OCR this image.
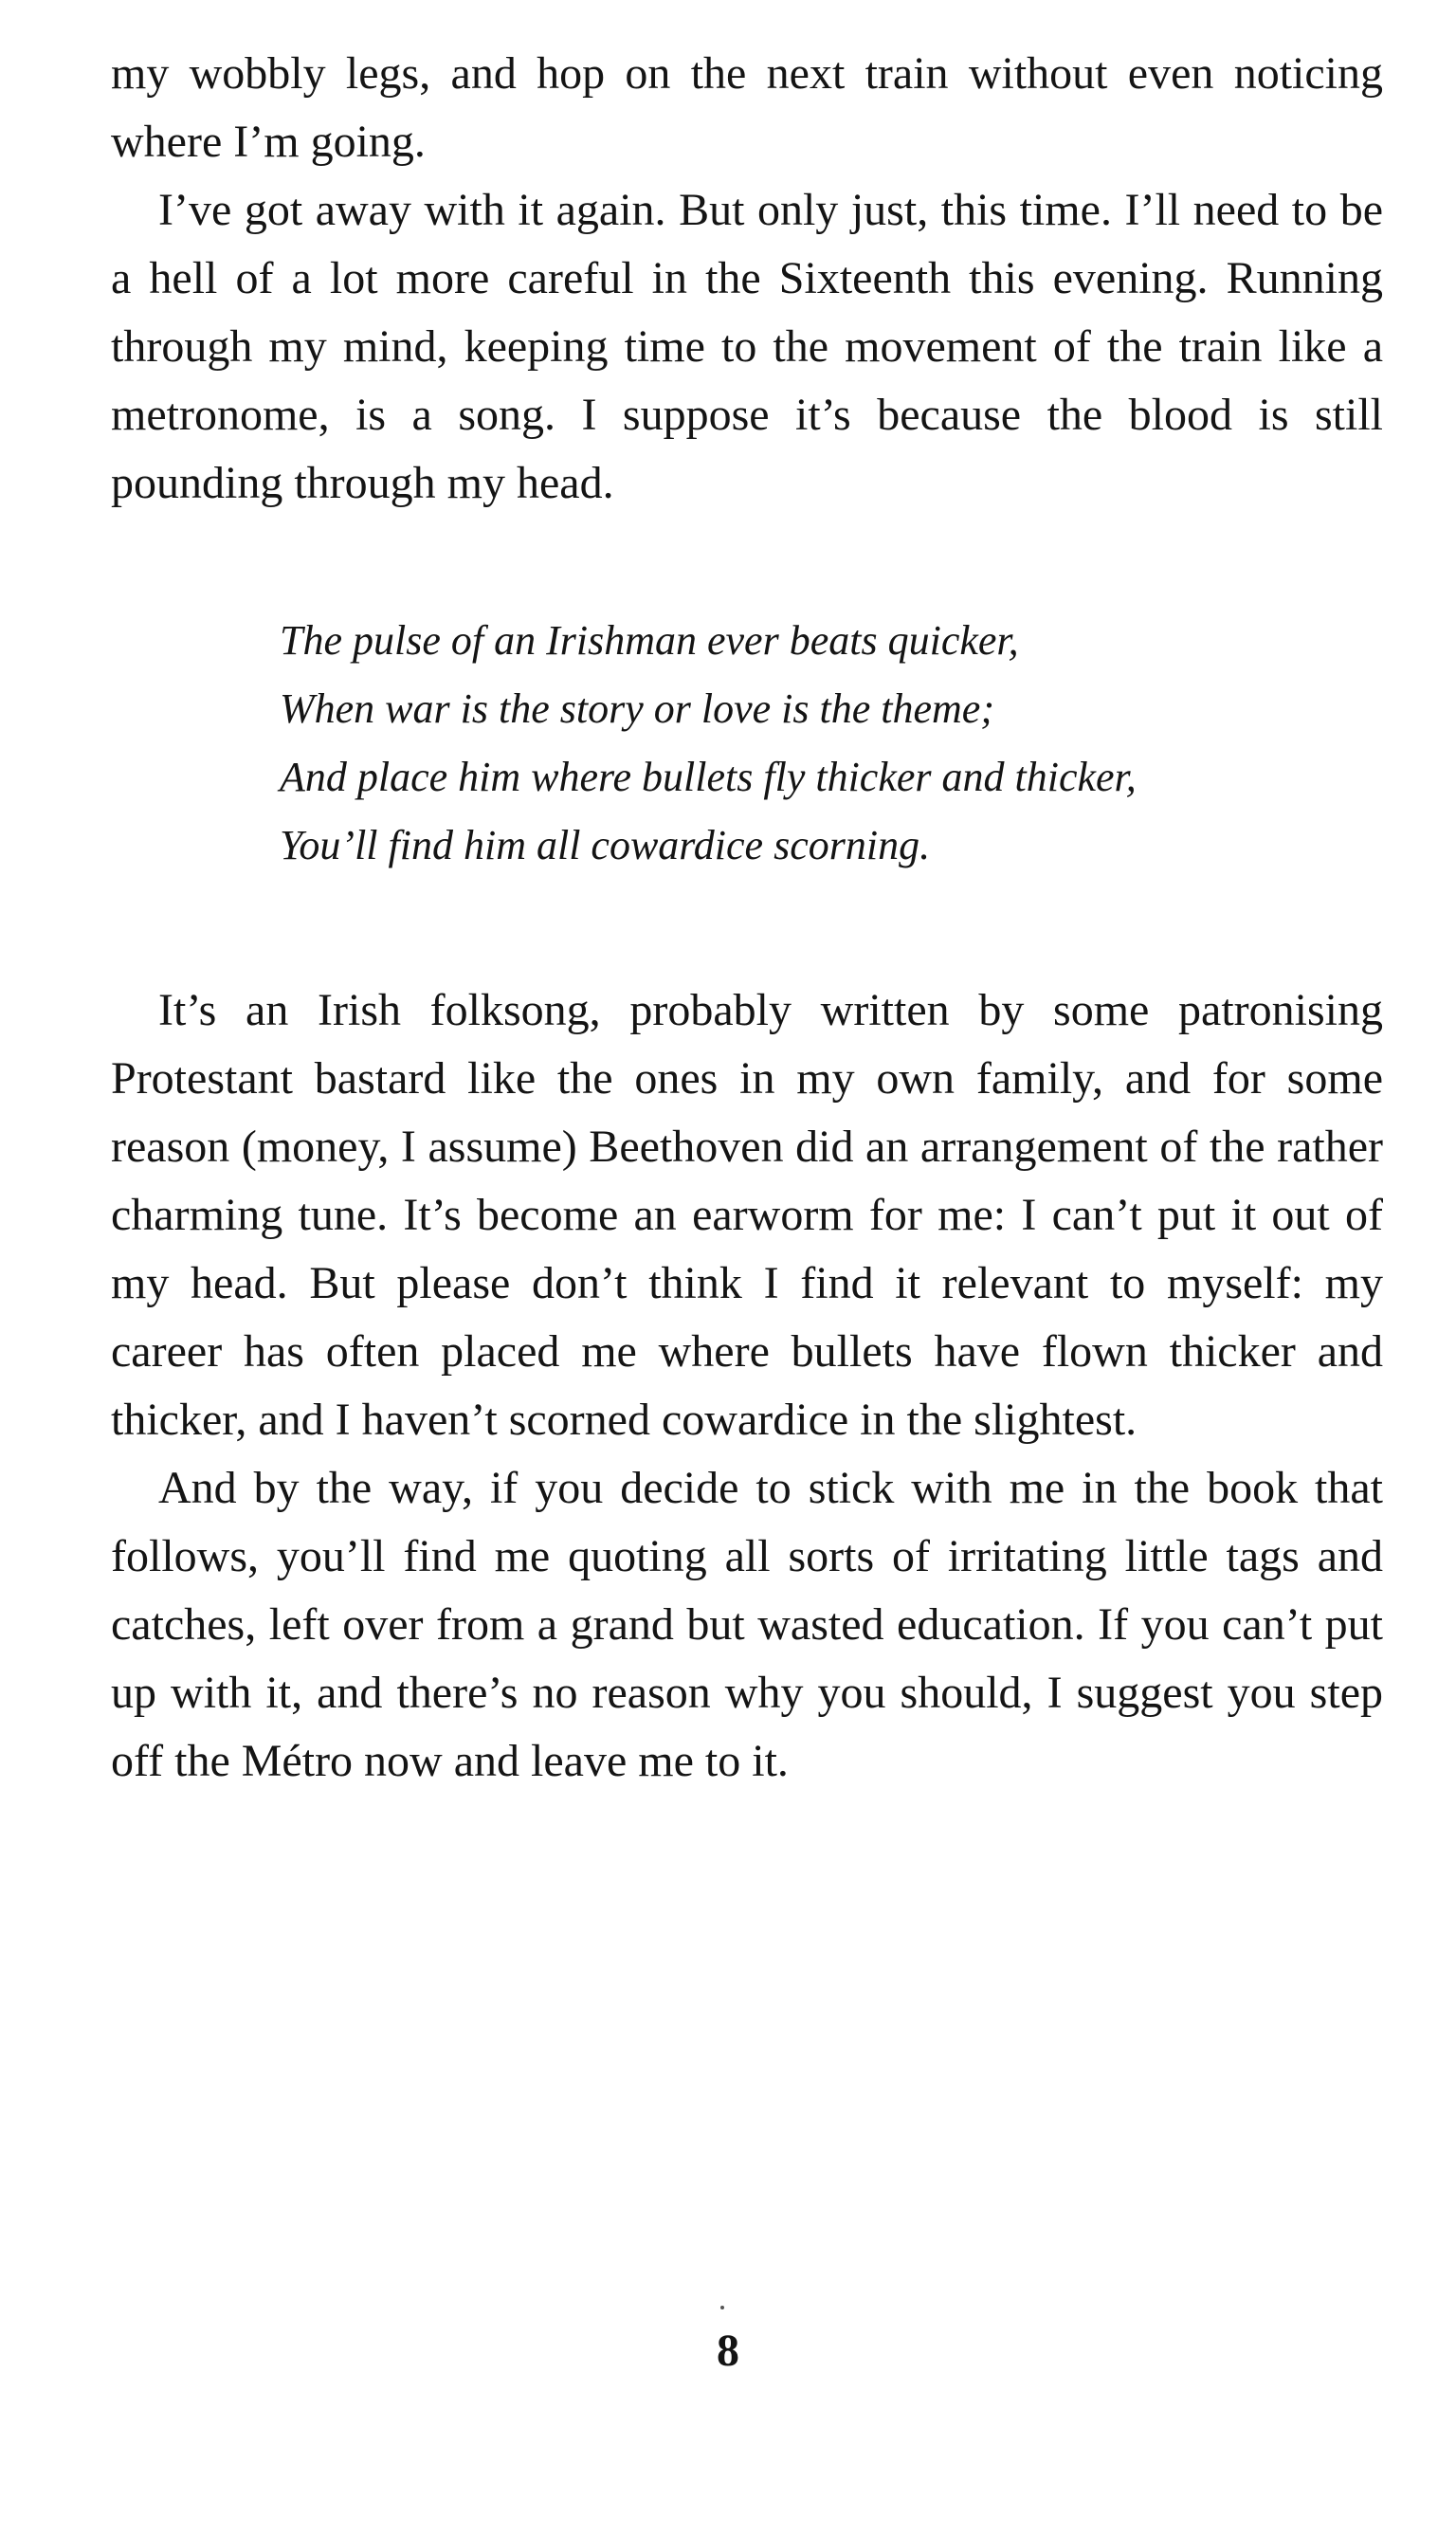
my wobbly legs, and hop on the next train without even noticing where I’m going.

I’ve got away with it again. But only just, this time. I’ll need to be a hell of a lot more careful in the Sixteenth this evening. Running through my mind, keeping time to the movement of the train like a metronome, is a song. I suppose it’s because the blood is still pounding through my head.

The pulse of an Irishman ever beats quicker,
When war is the story or love is the theme;
And place him where bullets fly thicker and thicker,
You’ll find him all cowardice scorning.

It’s an Irish folksong, probably written by some patronising Protestant bastard like the ones in my own family, and for some reason (money, I assume) Beethoven did an arrangement of the rather charming tune. It’s become an earworm for me: I can’t put it out of my head. But please don’t think I find it relevant to myself: my career has often placed me where bullets have flown thicker and thicker, and I haven’t scorned cowardice in the slightest.

And by the way, if you decide to stick with me in the book that follows, you’ll find me quoting all sorts of irritating little tags and catches, left over from a grand but wasted education. If you can’t put up with it, and there’s no reason why you should, I suggest you step off the Métro now and leave me to it.

8
